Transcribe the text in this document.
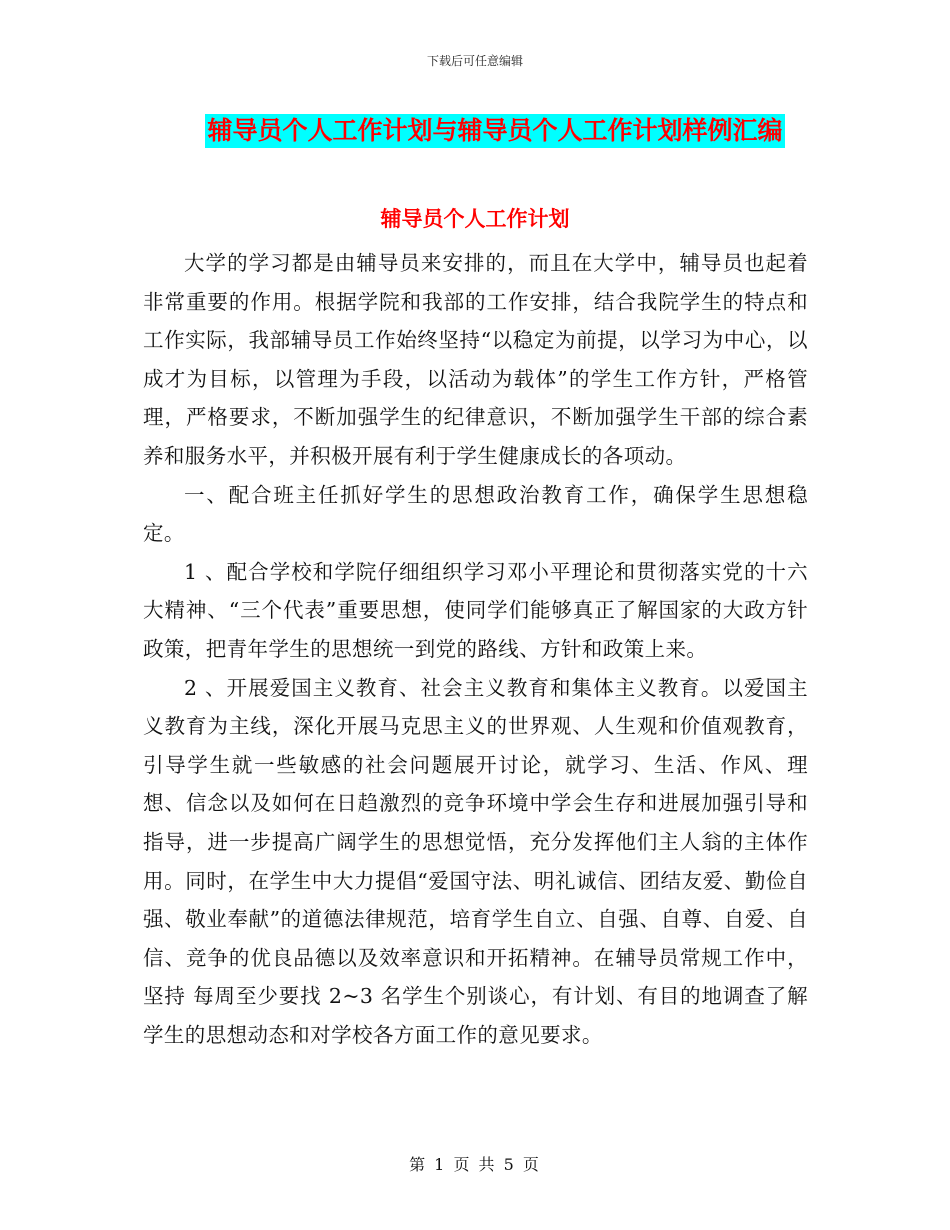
下载后可任意编辑
辅导员个人工作计划与辅导员个人工作计划样例汇编
辅导员个人工作计划

大学的学习都是由辅导员来安排的，而且在大学中，辅导员也起着非常重要的作用。根据学院和我部的工作安排，结合我院学生的特点和工作实际，我部辅导员工作始终坚持“以稳定为前提，以学习为中心，以成才为目标，以管理为手段，以活动为载体”的学生工作方针，严格管理，严格要求，不断加强学生的纪律意识，不断加强学生干部的综合素养和服务水平，并积极开展有利于学生健康成长的各项动。

一、配合班主任抓好学生的思想政治教育工作，确保学生思想稳定。

1 、配合学校和学院仔细组织学习邓小平理论和贯彻落实党的十六大精神、“三个代表”重要思想，使同学们能够真正了解国家的大政方针政策，把青年学生的思想统一到党的路线、方针和政策上来。

2 、开展爱国主义教育、社会主义教育和集体主义教育。以爱国主义教育为主线，深化开展马克思主义的世界观、人生观和价值观教育，引导学生就一些敏感的社会问题展开讨论，就学习、生活、作风、理想、信念以及如何在日趋激烈的竞争环境中学会生存和进展加强引导和指导，进一步提高广阔学生的思想觉悟，充分发挥他们主人翁的主体作用。同时，在学生中大力提倡“爱国守法、明礼诚信、团结友爱、勤俭自强、敬业奉献”的道德法律规范，培育学生自立、自强、自尊、自爱、自信、竞争的优良品德以及效率意识和开拓精神。在辅导员常规工作中，坚持 每周至少要找 2~3 名学生个别谈心，有计划、有目的地调查了解学生的思想动态和对学校各方面工作的意见要求。

第 1 页 共 5 页
